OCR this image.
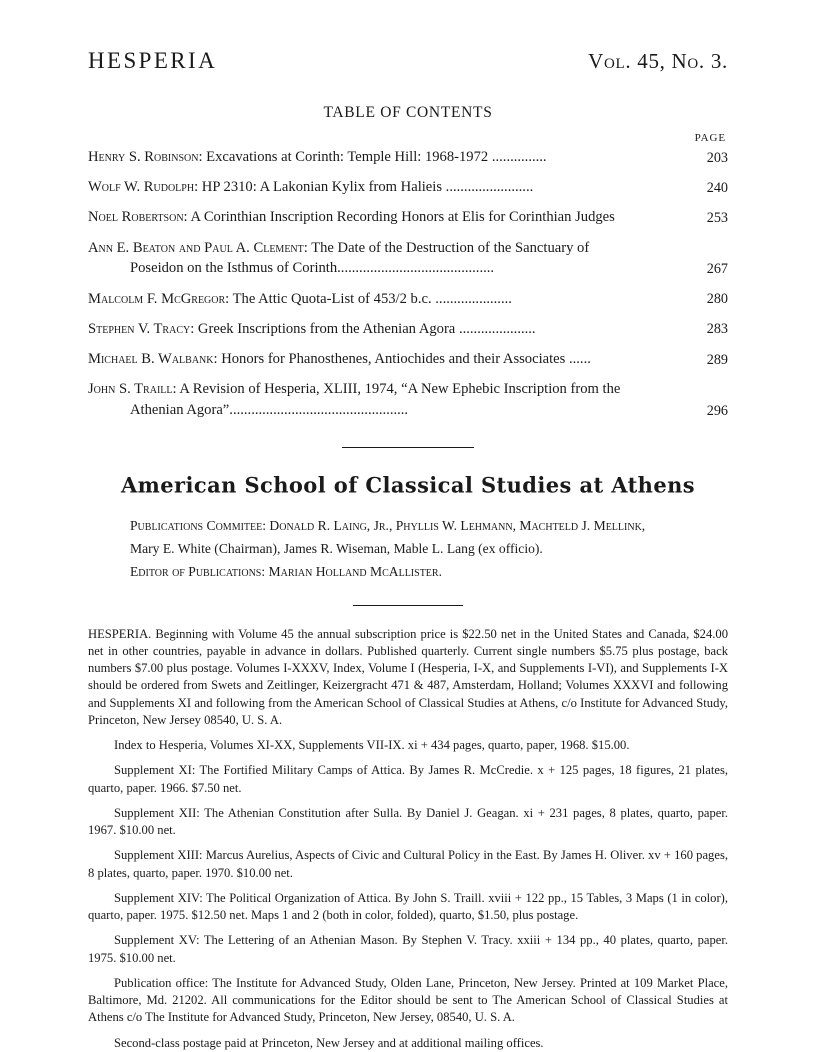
HESPERIA	Vol. 45, No. 3.
TABLE OF CONTENTS
PAGE
Henry S. Robinson: Excavations at Corinth: Temple Hill: 1968-1972 ...............	203
Wolf W. Rudolph: HP 2310: A Lakonian Kylix from Halieis ........................	240
Noel Robertson: A Corinthian Inscription Recording Honors at Elis for Corinthian Judges	253
Ann E. Beaton and Paul A. Clement: The Date of the Destruction of the Sanctuary of
Poseidon on the Isthmus of Corinth...........................................	267
Malcolm F. McGregor: The Attic Quota-List of 453/2 b.c. .....................	280
Stephen V. Tracy: Greek Inscriptions from the Athenian Agora .....................	283
Michael B. Walbank: Honors for Phanosthenes, Antiochides and their Associates ......	289
John S. Traill: A Revision of Hesperia, XLIII, 1974, “A New Ephebic Inscription from the
Athenian Agora”.................................................	296
American School of Classical Studies at Athens
Publications Commitee: Donald R. Laing, Jr., Phyllis W. Lehmann, Machteld J. Mellink,
Mary E. White (Chairman), James R. Wiseman, Mable L. Lang (ex officio).
Editor of Publications: Marian Holland McAllister.

HESPERIA. Beginning with Volume 45 the annual subscription price is $22.50 net in the United States and Canada, $24.00 net in other countries, payable in advance in dollars. Published quarterly. Current single numbers $5.75 plus postage, back numbers $7.00 plus postage. Volumes I-XXXV, Index, Volume I (Hesperia, I-X, and Supplements I-VI), and Supplements I-X should be ordered from Swets and Zeitlinger, Keizergracht 471 & 487, Amsterdam, Holland; Volumes XXXVI and following and Supplements XI and following from the American School of Classical Studies at Athens, c/o Institute for Advanced Study, Princeton, New Jersey 08540, U. S. A.

Index to Hesperia, Volumes XI-XX, Supplements VII-IX. xi + 434 pages, quarto, paper, 1968. $15.00.

Supplement XI: The Fortified Military Camps of Attica. By James R. McCredie. x + 125 pages, 18 figures, 21 plates, quarto, paper. 1966. $7.50 net.

Supplement XII: The Athenian Constitution after Sulla. By Daniel J. Geagan. xi + 231 pages, 8 plates, quarto, paper. 1967. $10.00 net.

Supplement XIII: Marcus Aurelius, Aspects of Civic and Cultural Policy in the East. By James H. Oliver. xv + 160 pages, 8 plates, quarto, paper. 1970. $10.00 net.

Supplement XIV: The Political Organization of Attica. By John S. Traill. xviii + 122 pp., 15 Tables, 3 Maps (1 in color), quarto, paper. 1975. $12.50 net. Maps 1 and 2 (both in color, folded), quarto, $1.50, plus postage.

Supplement XV: The Lettering of an Athenian Mason. By Stephen V. Tracy. xxiii + 134 pp., 40 plates, quarto, paper. 1975. $10.00 net.

Publication office: The Institute for Advanced Study, Olden Lane, Princeton, New Jersey. Printed at 109 Market Place, Baltimore, Md. 21202. All communications for the Editor should be sent to The American School of Classical Studies at Athens c/o The Institute for Advanced Study, Princeton, New Jersey, 08540, U. S. A.

Second-class postage paid at Princeton, New Jersey and at additional mailing offices.
